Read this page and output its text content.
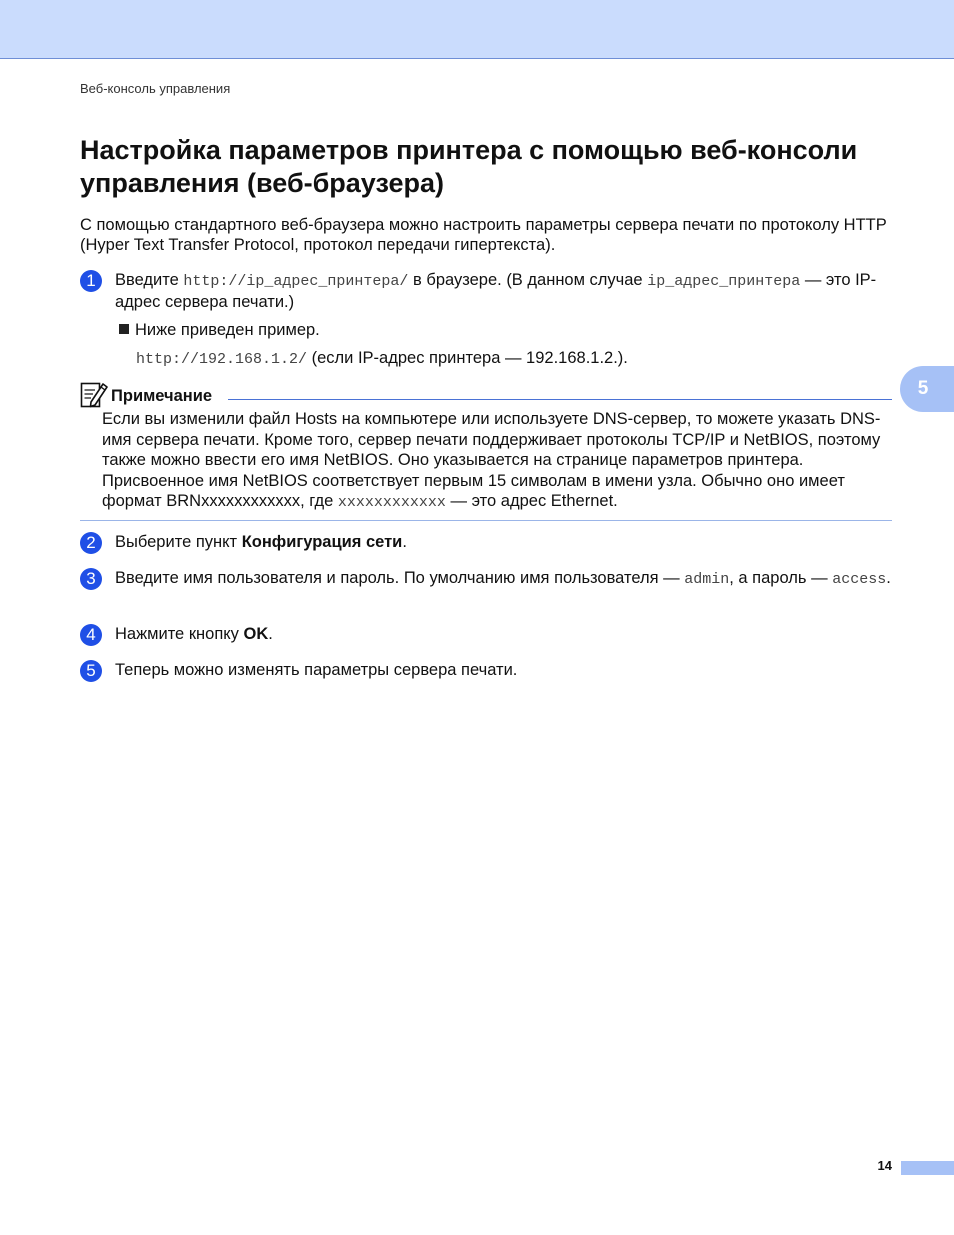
Веб-консоль управления
Настройка параметров принтера с помощью веб-консоли управления (веб-браузера)
С помощью стандартного веб-браузера можно настроить параметры сервера печати по протоколу HTTP (Hyper Text Transfer Protocol, протокол передачи гипертекста).
1	Введите http://ip_адрес_принтера/ в браузере. (В данном случае ip_адрес_принтера — это IP-адрес сервера печати.)
Ниже приведен пример.
http://192.168.1.2/ (если IP-адрес принтера — 192.168.1.2.).
5
Примечание
Если вы изменили файл Hosts на компьютере или используете DNS-сервер, то можете указать DNS-имя сервера печати. Кроме того, сервер печати поддерживает протоколы TCP/IP и NetBIOS, поэтому также можно ввести его имя NetBIOS. Оно указывается на странице параметров принтера. Присвоенное имя NetBIOS соответствует первым 15 символам в имени узла. Обычно оно имеет формат BRNxxxxxxxxxxxx, где xxxxxxxxxxxx — это адрес Ethernet.
2	Выберите пункт Конфигурация сети.
3	Введите имя пользователя и пароль. По умолчанию имя пользователя — admin, а пароль — access.
4	Нажмите кнопку OK.
5	Теперь можно изменять параметры сервера печати.
14
